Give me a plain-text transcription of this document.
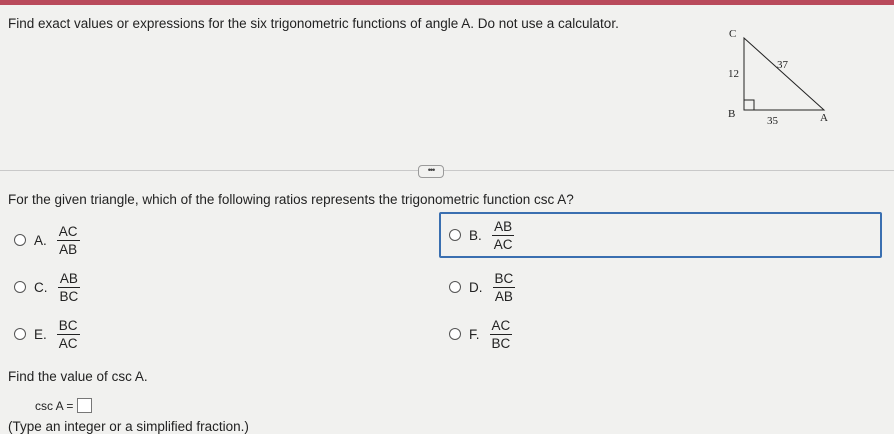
Find exact values or expressions for the six trigonometric functions of angle A. Do not use a calculator.
C
B	A
12
37
35
•••
For the given triangle, which of the following ratios represents the trigonometric function csc A?
A. $\frac{AC}{AB}$	B. $\frac{AB}{AC}$
C. $\frac{AB}{BC}$	D. $\frac{BC}{AB}$
E. $\frac{BC}{AC}$	F. $\frac{AC}{BC}$
Find the value of csc A.
csc A =
(Type an integer or a simplified fraction.)
